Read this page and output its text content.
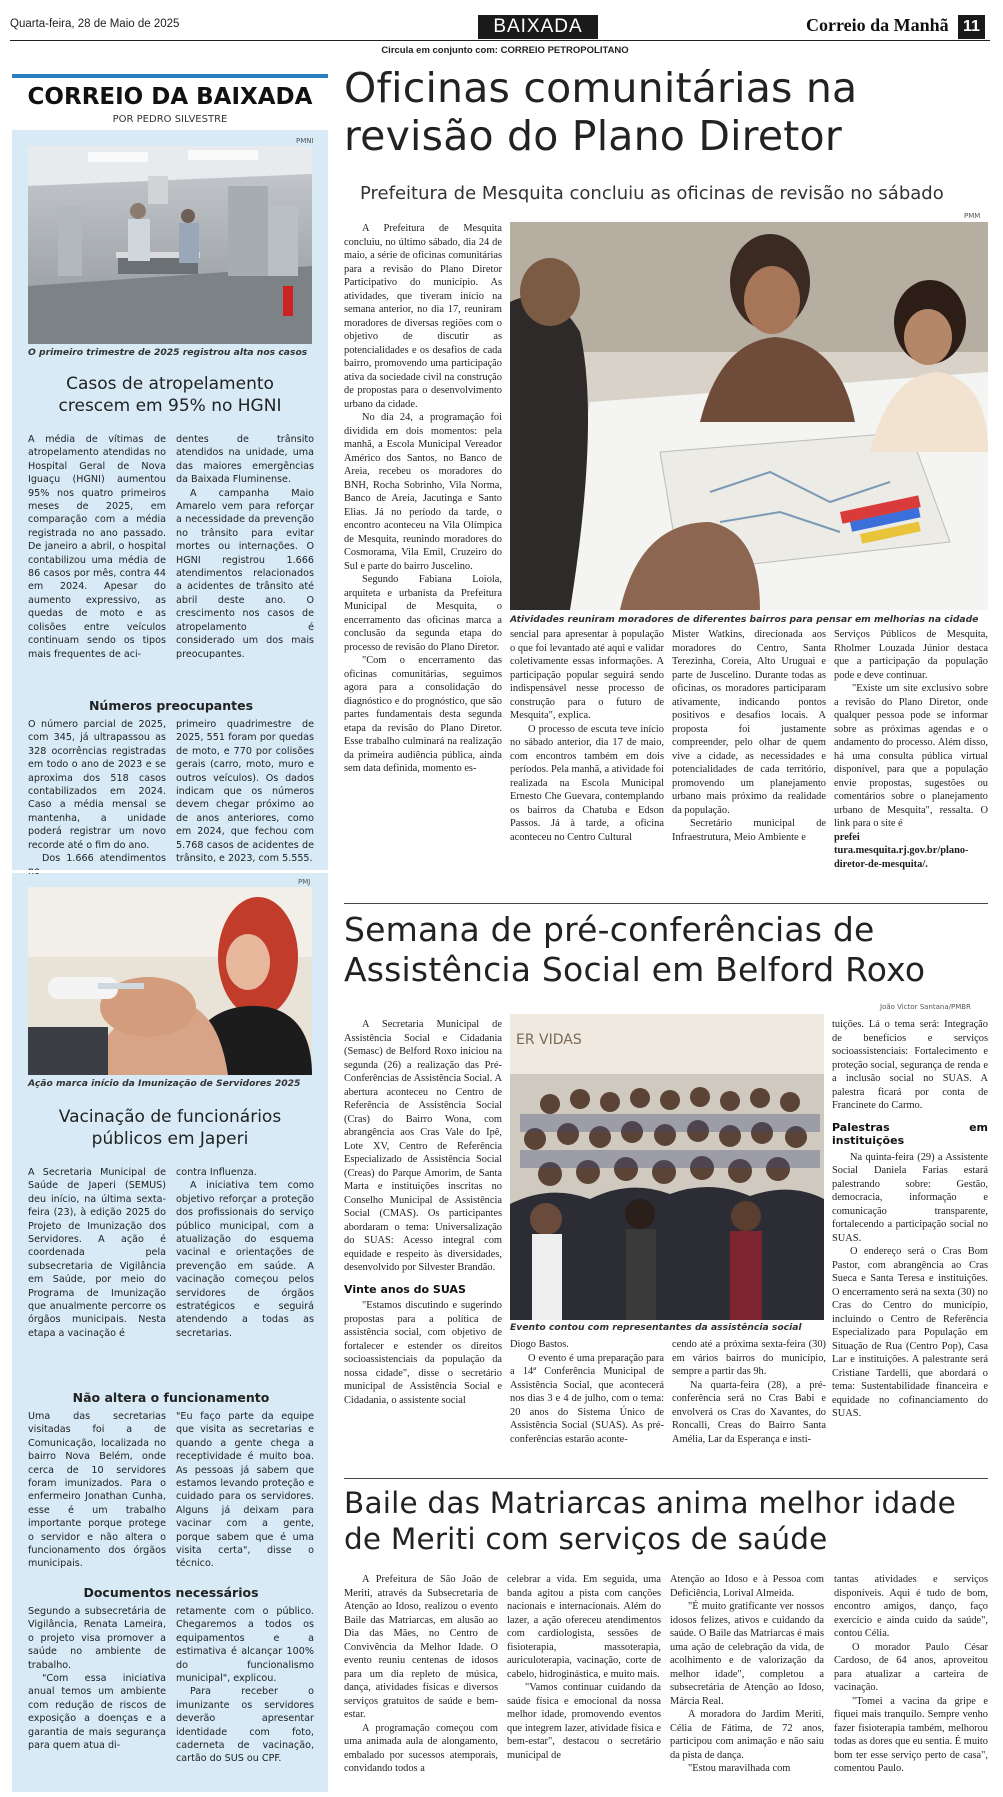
Quarta-feira, 28 de Maio de 2025	BAIXADA	Correio da Manhã 11
Circula em conjunto com: CORREIO PETROPOLITANO
CORREIO DA BAIXADA
POR PEDRO SILVESTRE
PMNI
O primeiro trimestre de 2025 registrou alta nos casos
Casos de atropelamento crescem em 95% no HGNI

A média de vítimas de atropelamento atendidas no Hospital Geral de Nova Iguaçu (HGNI) aumentou 95% nos quatro primeiros meses de 2025, em comparação com a média registrada no ano passado. De janeiro a abril, o hospital contabilizou uma média de 86 casos por mês, contra 44 em 2024. Apesar do aumento expressivo, as quedas de moto e as colisões entre veículos continuam sendo os tipos mais frequentes de aci-

dentes de trânsito atendidos na unidade, uma das maiores emergências da Baixada Fluminense.

A campanha Maio Amarelo vem para reforçar a necessidade da prevenção no trânsito para evitar mortes ou internações. O HGNI registrou 1.666 atendimentos relacionados a acidentes de trânsito até abril deste ano. O crescimento nos casos de atropelamento é considerado um dos mais preocupantes.

Números preocupantes

O número parcial de 2025, com 345, já ultrapassou as 328 ocorrências registradas em todo o ano de 2023 e se aproxima dos 518 casos contabilizados em 2024. Caso a média mensal se mantenha, a unidade poderá registrar um novo recorde até o fim do ano.

Dos 1.666 atendimentos no

primeiro quadrimestre de 2025, 551 foram por quedas de moto, e 770 por colisões gerais (carro, moto, muro e outros veículos). Os dados indicam que os números devem chegar próximo ao de anos anteriores, como em 2024, que fechou com 5.768 casos de acidentes de trânsito, e 2023, com 5.555.

PMJ
Ação marca início da Imunização de Servidores 2025
Vacinação de funcionários públicos em Japeri

A Secretaria Municipal de Saúde de Japeri (SEMUS) deu início, na última sexta-feira (23), à edição 2025 do Projeto de Imunização dos Servidores. A ação é coordenada pela subsecretaria de Vigilância em Saúde, por meio do Programa de Imunização que anualmente percorre os órgãos municipais. Nesta etapa a vacinação é

contra Influenza.

A iniciativa tem como objetivo reforçar a proteção dos profissionais do serviço público municipal, com a atualização do esquema vacinal e orientações de prevenção em saúde. A vacinação começou pelos servidores de órgãos estratégicos e seguirá atendendo a todas as secretarias.

Não altera o funcionamento

Uma das secretarias visitadas foi a de Comunicação, localizada no bairro Nova Belém, onde cerca de 10 servidores foram imunizados. Para o enfermeiro Jonathan Cunha, esse é um trabalho importante porque protege o servidor e não altera o funcionamento dos órgãos municipais.

"Eu faço parte da equipe que visita as secretarias e quando a gente chega a receptividade é muito boa. As pessoas já sabem que estamos levando proteção e cuidado para os servidores. Alguns já deixam para vacinar com a gente, porque sabem que é uma visita certa", disse o técnico.

Documentos necessários

Segundo a subsecretária de Vigilância, Renata Lameira, o projeto visa promover a saúde no ambiente de trabalho.

"Com essa iniciativa anual temos um ambiente com redução de riscos de exposição a doenças e a garantia de mais segurança para quem atua di-

retamente com o público. Chegaremos a todos os equipamentos e a estimativa é alcançar 100% do funcionalismo municipal", explicou.

Para receber o imunizante os servidores deverão apresentar identidade com foto, caderneta de vacinação, cartão do SUS ou CPF.

Oficinas comunitárias na revisão do Plano Diretor
Prefeitura de Mesquita concluiu as oficinas de revisão no sábado

A Prefeitura de Mesquita concluiu, no último sábado, dia 24 de maio, a série de oficinas comunitárias para a revisão do Plano Diretor Participativo do município. As atividades, que tiveram início na semana anterior, no dia 17, reuniram moradores de diversas regiões com o objetivo de discutir as potencialidades e os desafios de cada bairro, promovendo uma participação ativa da sociedade civil na construção de propostas para o desenvolvimento urbano da cidade.

No dia 24, a programação foi dividida em dois momentos: pela manhã, a Escola Municipal Vereador Américo dos Santos, no Banco de Areia, recebeu os moradores do BNH, Rocha Sobrinho, Vila Norma, Banco de Areia, Jacutinga e Santo Elias. Já no período da tarde, o encontro aconteceu na Vila Olímpica de Mesquita, reunindo moradores do Cosmorama, Vila Emil, Cruzeiro do Sul e parte do bairro Juscelino.

Segundo Fabiana Loiola, arquiteta e urbanista da Prefeitura Municipal de Mesquita, o encerramento das oficinas marca a conclusão da segunda etapa do processo de revisão do Plano Diretor.

"Com o encerramento das oficinas comunitárias, seguimos agora para a consolidação do diagnóstico e do prognóstico, que são partes fundamentais desta segunda etapa da revisão do Plano Diretor. Esse trabalho culminará na realização da primeira audiência pública, ainda sem data definida, momento es-

PMM
Atividades reuniram moradores de diferentes bairros para pensar em melhorias na cidade

sencial para apresentar à população o que foi levantado até aqui e validar coletivamente essas informações. A participação popular seguirá sendo indispensável nesse processo de construção para o futuro de Mesquita", explica.

O processo de escuta teve início no sábado anterior, dia 17 de maio, com encontros também em dois períodos. Pela manhã, a atividade foi realizada na Escola Municipal Ernesto Che Guevara, contemplando os bairros da Chatuba e Edson Passos. Já à tarde, a oficina aconteceu no Centro Cultural

Mister Watkins, direcionada aos moradores do Centro, Santa Terezinha, Coreia, Alto Uruguai e parte de Juscelino. Durante todas as oficinas, os moradores participaram ativamente, indicando pontos positivos e desafios locais. A proposta foi justamente compreender, pelo olhar de quem vive a cidade, as necessidades e potencialidades de cada território, promovendo um planejamento urbano mais próximo da realidade da população.

Secretário municipal de Infraestrutura, Meio Ambiente e

Serviços Públicos de Mesquita, Rholmer Louzada Júnior destaca que a participação da população pode e deve continuar.

"Existe um site exclusivo sobre a revisão do Plano Diretor, onde qualquer pessoa pode se informar sobre as próximas agendas e o andamento do processo. Além disso, há uma consulta pública virtual disponível, para que a população envie propostas, sugestões ou comentários sobre o planejamento urbano de Mesquita", ressalta. O link para o site é

prefei tura.mesquita.rj.gov.br/plano-diretor-de-mesquita/.

Semana de pré-conferências de Assistência Social em Belford Roxo

A Secretaria Municipal de Assistência Social e Cidadania (Semasc) de Belford Roxo iniciou na segunda (26) a realização das Pré-Conferências de Assistência Social. A abertura aconteceu no Centro de Referência de Assistência Social (Cras) do Bairro Wona, com abrangência aos Cras Vale do Ipê, Lote XV, Centro de Referência Especializado de Assistência Social (Creas) do Parque Amorim, de Santa Marta e instituições inscritas no Conselho Municipal de Assistência Social (CMAS). Os participantes abordaram o tema: Universalização do SUAS: Acesso integral com equidade e respeito às diversidades, desenvolvido por Silvester Brandão.

Vinte anos do SUAS

"Estamos discutindo e sugerindo propostas para a política de assistência social, com objetivo de fortalecer e estender os direitos socioassistenciais da população da nossa cidade", disse o secretário municipal de Assistência Social e Cidadania, o assistente social

João Victor Santana/PMBR
ER VIDAS
Evento contou com representantes da assistência social

tuições. Lá o tema será: Integração de benefícios e serviços socioassistenciais: Fortalecimento e proteção social, segurança de renda e a inclusão social no SUAS. A palestra ficará por conta de Francinete do Carmo.

Palestras em instituições

Na quinta-feira (29) a Assistente Social Daniela Farias estará palestrando sobre: Gestão, democracia, informação e comunicação transparente, fortalecendo a participação social no SUAS.

O endereço será o Cras Bom Pastor, com abrangência ao Cras Sueca e Santa Teresa e instituições. O encerramento será na sexta (30) no Cras do Centro do município, incluindo o Centro de Referência Especializado para População em Situação de Rua (Centro Pop), Casa Lar e instituições. A palestrante será Cristiane Tardelli, que abordará o tema: Sustentabilidade financeira e equidade no cofinanciamento do SUAS.

Diogo Bastos.

O evento é uma preparação para a 14ª Conferência Municipal de Assistência Social, que acontecerá nos dias 3 e 4 de julho, com o tema: 20 anos do Sistema Único de Assistência Social (SUAS). As pré-conferências estarão aconte-

cendo até a próxima sexta-feira (30) em vários bairros do município, sempre a partir das 9h.

Na quarta-feira (28), a pré-conferência será no Cras Babi e envolverá os Cras do Xavantes, do Roncalli, Creas do Bairro Santa Amélia, Lar da Esperança e insti-

Baile das Matriarcas anima melhor idade de Meriti com serviços de saúde

A Prefeitura de São João de Meriti, através da Subsecretaria de Atenção ao Idoso, realizou o evento Baile das Matriarcas, em alusão ao Dia das Mães, no Centro de Convivência da Melhor Idade. O evento reuniu centenas de idosos para um dia repleto de música, dança, atividades físicas e diversos serviços gratuitos de saúde e bem-estar.

A programação começou com uma animada aula de alongamento, embalado por sucessos atemporais, convidando todos a

celebrar a vida. Em seguida, uma banda agitou a pista com canções nacionais e internacionais. Além do lazer, a ação ofereceu atendimentos com cardiologista, sessões de fisioterapia, massoterapia, auriculoterapia, vacinação, corte de cabelo, hidroginástica, e muito mais.

"Vamos continuar cuidando da saúde física e emocional da nossa melhor idade, promovendo eventos que integrem lazer, atividade física e bem-estar", destacou o secretário municipal de

Atenção ao Idoso e à Pessoa com Deficiência, Lorival Almeida.

"É muito gratificante ver nossos idosos felizes, ativos e cuidando da saúde. O Baile das Matriarcas é mais uma ação de celebração da vida, de acolhimento e de valorização da melhor idade", completou a subsecretária de Atenção ao Idoso, Márcia Real.

A moradora do Jardim Meriti, Célia de Fátima, de 72 anos, participou com animação e não saiu da pista de dança.

"Estou maravilhada com

tantas atividades e serviços disponíveis. Aqui é tudo de bom, encontro amigos, danço, faço exercício e ainda cuido da saúde", contou Célia.

O morador Paulo César Cardoso, de 64 anos, aproveitou para atualizar a carteira de vacinação.

"Tomei a vacina da gripe e fiquei mais tranquilo. Sempre venho fazer fisioterapia também, melhorou todas as dores que eu sentia. É muito bom ter esse serviço perto de casa", comentou Paulo.
